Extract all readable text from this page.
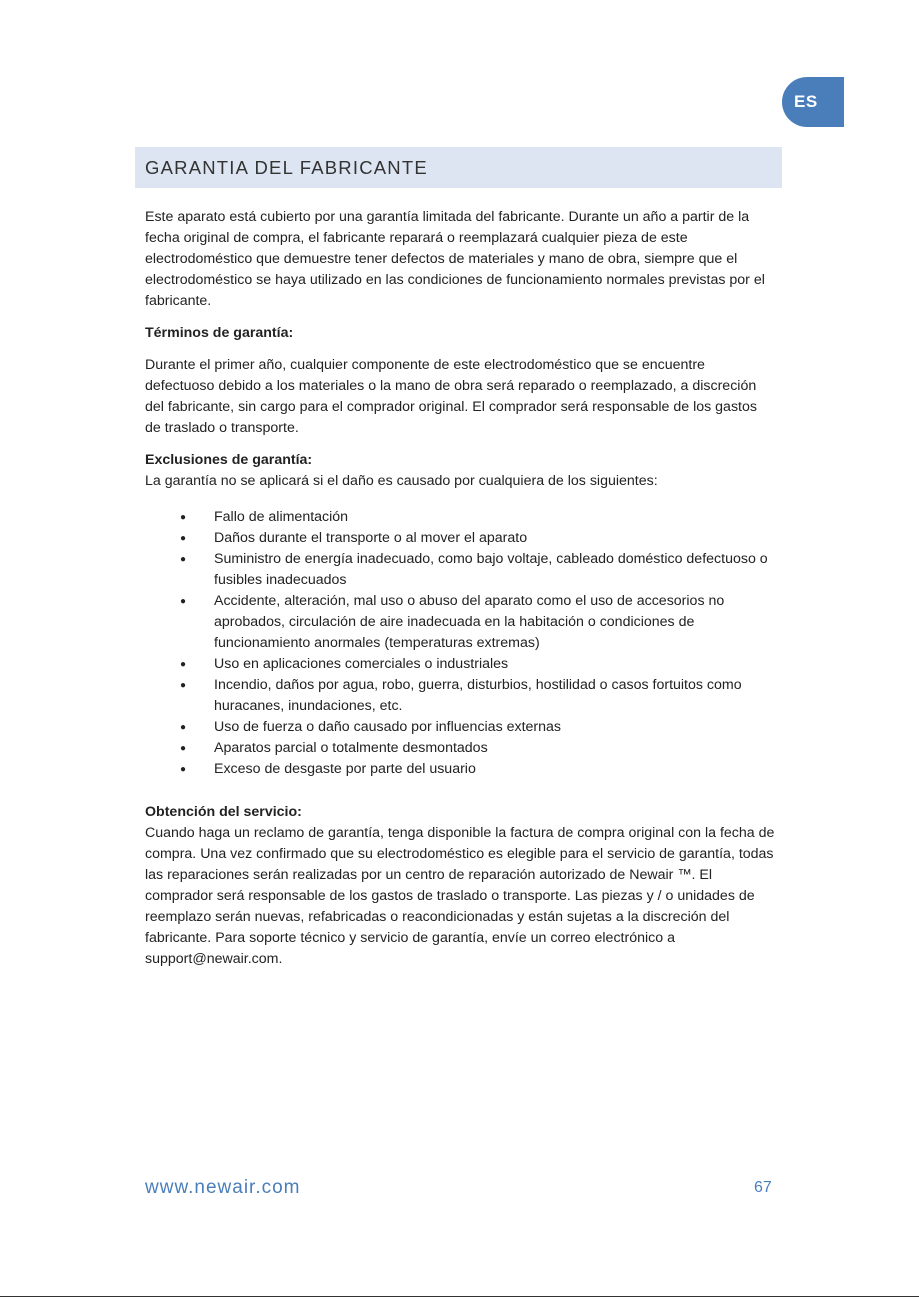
ES
GARANTIA DEL FABRICANTE

Este aparato está cubierto por una garantía limitada del fabricante. Durante un año a partir de la fecha original de compra, el fabricante reparará o reemplazará cualquier pieza de este electrodoméstico que demuestre tener defectos de materiales y mano de obra, siempre que el electrodoméstico se haya utilizado en las condiciones de funcionamiento normales previstas por el fabricante.

Términos de garantía:

Durante el primer año, cualquier componente de este electrodoméstico que se encuentre defectuoso debido a los materiales o la mano de obra será reparado o reemplazado, a discreción del fabricante, sin cargo para el comprador original. El comprador será responsable de los gastos de traslado o transporte.

Exclusiones de garantía:

La garantía no se aplicará si el daño es causado por cualquiera de los siguientes:

● Fallo de alimentación
● Daños durante el transporte o al mover el aparato
● Suministro de energía inadecuado, como bajo voltaje, cableado doméstico defectuoso o fusibles inadecuados
● Accidente, alteración, mal uso o abuso del aparato como el uso de accesorios no aprobados, circulación de aire inadecuada en la habitación o condiciones de funcionamiento anormales (temperaturas extremas)
● Uso en aplicaciones comerciales o industriales
● Incendio, daños por agua, robo, guerra, disturbios, hostilidad o casos fortuitos como huracanes, inundaciones, etc.
● Uso de fuerza o daño causado por influencias externas
● Aparatos parcial o totalmente desmontados
● Exceso de desgaste por parte del usuario

Obtención del servicio:

Cuando haga un reclamo de garantía, tenga disponible la factura de compra original con la fecha de compra. Una vez confirmado que su electrodoméstico es elegible para el servicio de garantía, todas las reparaciones serán realizadas por un centro de reparación autorizado de Newair ™. El comprador será responsable de los gastos de traslado o transporte. Las piezas y / o unidades de reemplazo serán nuevas, refabricadas o reacondicionadas y están sujetas a la discreción del fabricante. Para soporte técnico y servicio de garantía, envíe un correo electrónico a support@newair.com.

www.newair.com	67
